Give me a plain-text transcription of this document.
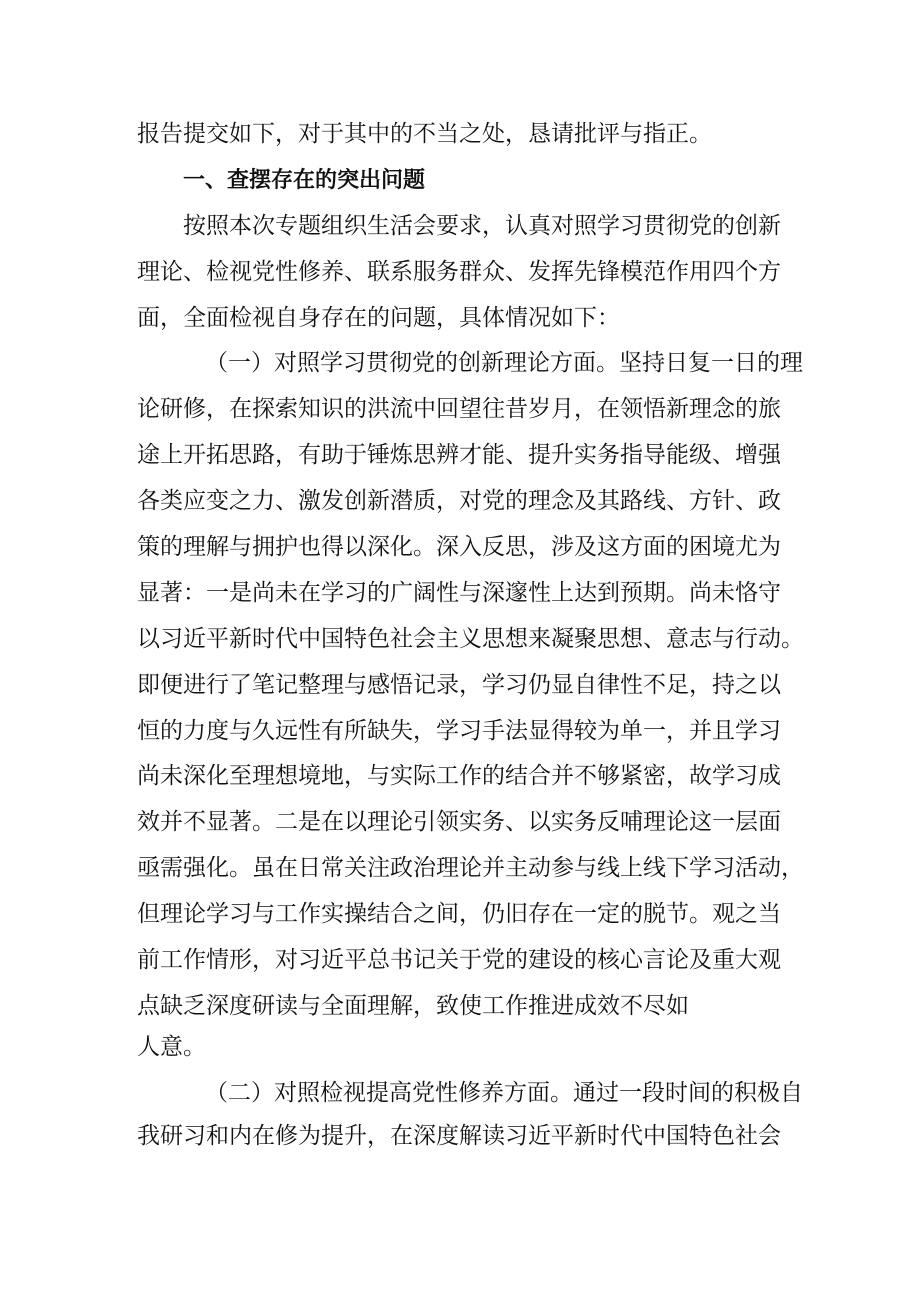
报告提交如下，对于其中的不当之处，恳请批评与指正。
一、查摆存在的突出问题
按照本次专题组织生活会要求，认真对照学习贯彻党的创新
理论、检视党性修养、联系服务群众、发挥先锋模范作用四个方
面，全面检视自身存在的问题，具体情况如下：
（一）对照学习贯彻党的创新理论方面。坚持日复一日的理
论研修，在探索知识的洪流中回望往昔岁月，在领悟新理念的旅
途上开拓思路，有助于锤炼思辨才能、提升实务指导能级、增强
各类应变之力、激发创新潜质，对党的理念及其路线、方针、政
策的理解与拥护也得以深化。深入反思，涉及这方面的困境尤为
显著：一是尚未在学习的广阔性与深邃性上达到预期。尚未恪守
以习近平新时代中国特色社会主义思想来凝聚思想、意志与行动。
即便进行了笔记整理与感悟记录，学习仍显自律性不足，持之以
恒的力度与久远性有所缺失，学习手法显得较为单一，并且学习
尚未深化至理想境地，与实际工作的结合并不够紧密，故学习成
效并不显著。二是在以理论引领实务、以实务反哺理论这一层面
亟需强化。虽在日常关注政治理论并主动参与线上线下学习活动，
但理论学习与工作实操结合之间，仍旧存在一定的脱节。观之当
前工作情形，对习近平总书记关于党的建设的核心言论及重大观
点缺乏深度研读与全面理解，致使工作推进成效不尽如
人意。
（二）对照检视提高党性修养方面。通过一段时间的积极自
我研习和内在修为提升，在深度解读习近平新时代中国特色社会
